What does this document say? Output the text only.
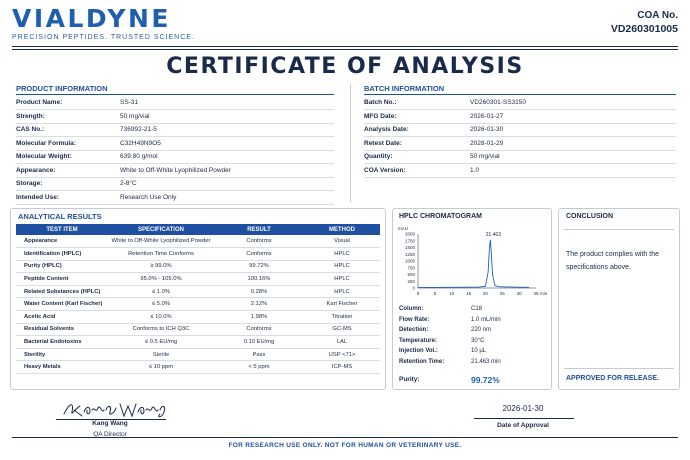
VIALDYNE
PRECISION PEPTIDES. TRUSTED SCIENCE.
COA No.
VD260301005
CERTIFICATE OF ANALYSIS
PRODUCT INFORMATION
Product Name:	SS-31
Strength:	50 mg/vial
CAS No.:	736992-21-5
Molecular Formula:	C32H49N9O5
Molecular Weight:	639.80 g/mol
Appearance:	White to Off-White Lyophilized Powder
Storage:	2-8°C
Intended Use:	Research Use Only
BATCH INFORMATION
Batch No.:	VD260301-SS3150
MFG Date:	2026-01-27
Analysis Date:	2026-01-30
Retest Date:	2028-01-29
Quantity:	50 mg/vial
COA Version:	1.0
ANALYTICAL RESULTS
TEST ITEM	SPECIFICATION	RESULT	METHOD
Appearance	White to Off-White Lyophilized Powder	Conforms	Visual
Identification (HPLC)	Retention Time Conforms	Conforms	HPLC
Purity (HPLC)	≥ 99.0%	99.72%	HPLC
Peptide Content	95.0% - 105.0%	100.16%	HPLC
Related Substances (HPLC)	≤ 1.0%	0.28%	HPLC
Water Content (Karl Fischer)	≤ 5.0%	2.12%	Karl Fischer
Acetic Acid	≤ 10.0%	1.98%	Titration
Residual Solvents	Conforms to ICH Q3C	Conforms	GC-MS
Bacterial Endotoxins	≤ 0.5 EU/mg	0.10 EU/mg	LAL
Sterility	Sterile	Pass	USP <71>
Heavy Metals	≤ 10 ppm	< 5 ppm	ICP-MS
HPLC CHROMATOGRAM
mAU
0
250
500
750
1000
1250
1500
1750
2000
0	5	10	15	20	25	30	35 min
21.463
Column:	C18
Flow Rate:	1.0 mL/min
Detection:	220 nm
Temperature:	30°C
Injection Vol.:	10 µL
Retention Time:	21.463 min
Purity:	99.72%
CONCLUSION
The product complies with the specifications above.
APPROVED FOR RELEASE.
Kang Wang
QA Director
2026-01-30
Date of Approval
FOR RESEARCH USE ONLY. NOT FOR HUMAN OR VETERINARY USE.
